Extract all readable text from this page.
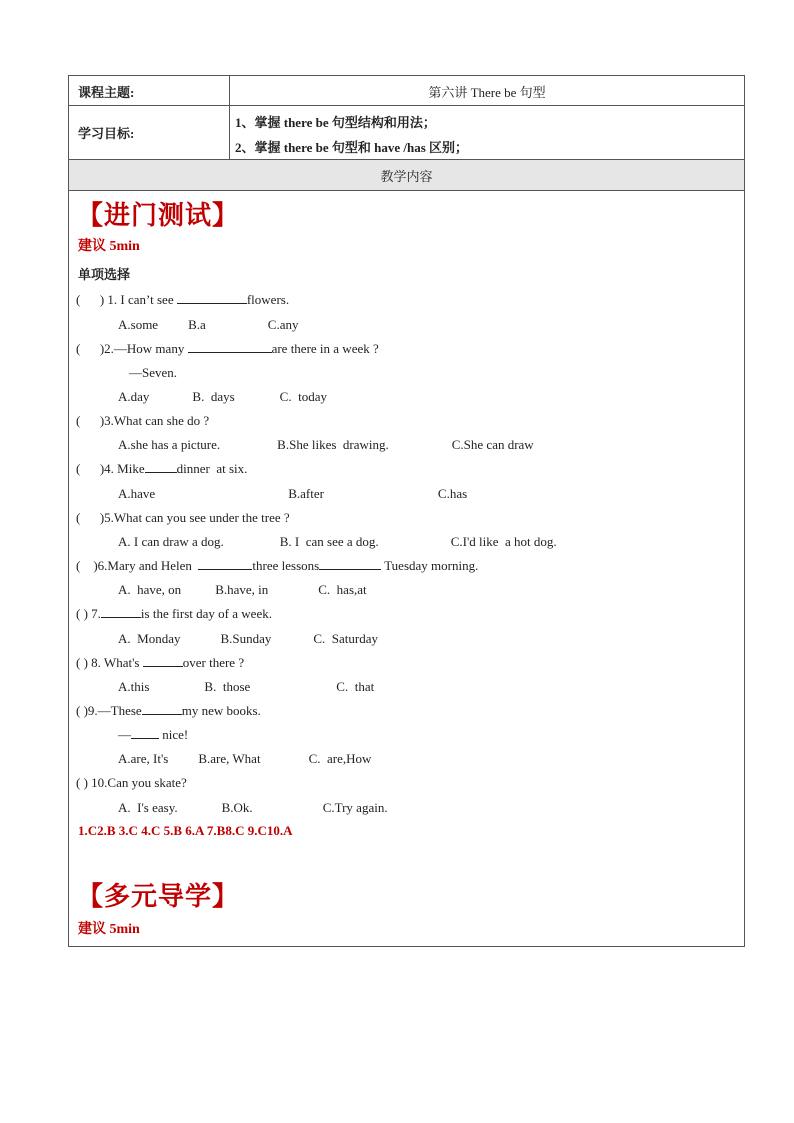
课程主题:	第六讲 There be 句型
学习目标:
1、掌握 there be 句型结构和用法；
2、掌握 there be 句型和 have /has 区别；
教学内容
【进门测试】
建议 5min
单项选择
(      ) 1. I can’t see	flowers.
A.some B.a	C.any
(      )2.—How many	are there in a week ?
—Seven.
A.day	B.  days	C.  today
(      )3.What can she do ?
A.she has a picture.	B.She likes  drawing.	C.She can draw
(      )4. Mike dinner  at six.
A.have	B.after	C.has
(      )5.What can you see under the tree ?
A. I can draw a dog.	B. I  can see a dog.	C.I'd like  a hot dog.
(    )6.Mary and Helen	three lessons	Tuesday morning.
A.  have, on	B.have, in	C.  has,at
( ) 7.	is the first day of a week.
A.  Monday	B.Sunday	C.  Saturday
( ) 8. What's	over there ?
A.this	B.  those	C.  that
( )9.—These	my new books.
— nice!
A.are, It's B.are, What	C.  are,How
( ) 10.Can you skate?
A.  I's easy.	B.Ok.	C.Try again.
1.C2.B 3.C 4.C 5.B 6.A 7.B8.C 9.C10.A
【多元导学】
建议 5min
